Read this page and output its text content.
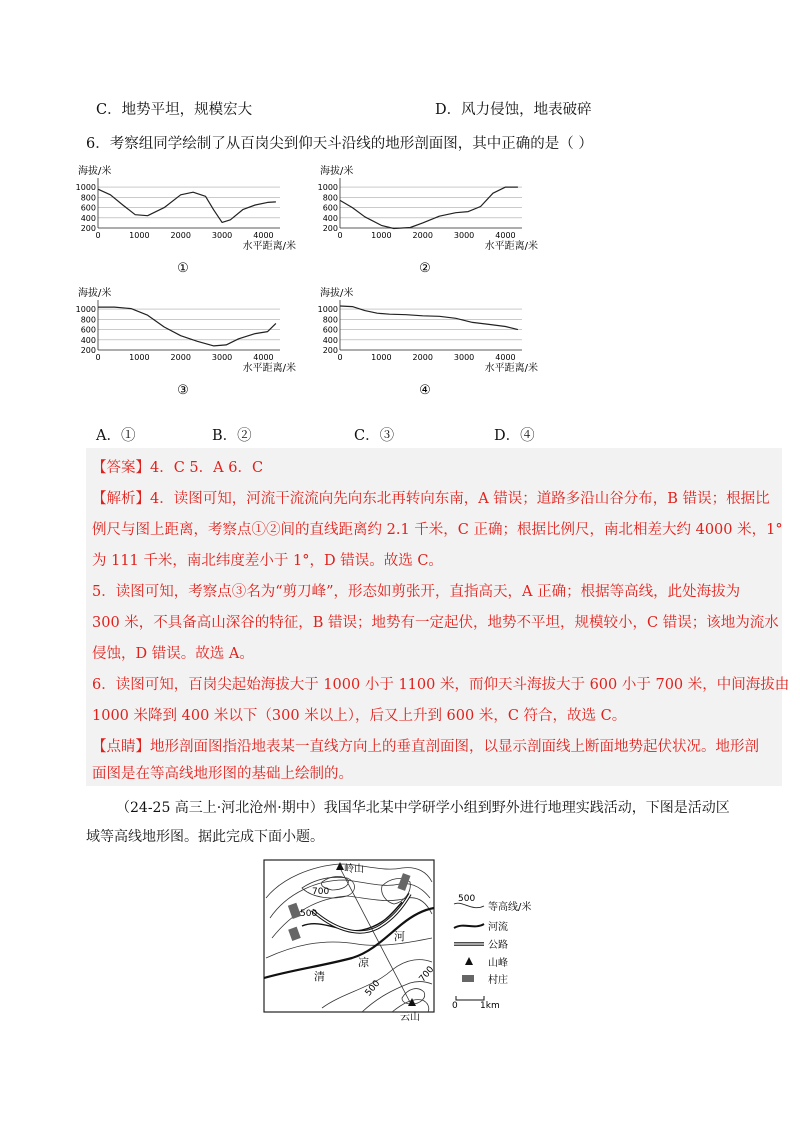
C．地势平坦，规模宏大	D．风力侵蚀，地表破碎
6．考察组同学绘制了从百岗尖到仰天斗沿线的地形剖面图，其中正确的是（ ）
海拔/米
200
400
600
800
1000
0	1000	2000	3000	4000
水平距离/米
①
海拔/米
200
400
600
800
1000
0	1000	2000	3000	4000
水平距离/米
②
海拔/米
200
400
600
800
1000
0	1000	2000	3000	4000
水平距离/米
③
海拔/米
200
400
600
800
1000
0	1000	2000	3000	4000
水平距离/米
④
A．①	B．②	C．③	D．④
【答案】4．C 5．A 6．C
【解析】4．读图可知，河流干流流向先向东北再转向东南，A 错误；道路多沿山谷分布，B 错误；根据比
例尺与图上距离，考察点①②间的直线距离约 2.1 千米，C 正确；根据比例尺，南北相差大约 4000 米，1°
为 111 千米，南北纬度差小于 1°，D 错误。故选 C。
5．读图可知，考察点③名为“剪刀峰”，形态如剪张开，直指高天，A 正确；根据等高线，此处海拔为
300 米，不具备高山深谷的特征，B 错误；地势有一定起伏，地势不平坦，规模较小，C 错误；该地为流水
侵蚀，D 错误。故选 A。
6．读图可知，百岗尖起始海拔大于 1000 小于 1100 米，而仰天斗海拔大于 600 小于 700 米，中间海拔由
1000 米降到 400 米以下（300 米以上），后又上升到 600 米，C 符合，故选 C。
【点睛】地形剖面图指沿地表某一直线方向上的垂直剖面图，以显示剖面线上断面地势起伏状况。地形剖
面图是在等高线地形图的基础上绘制的。
（24-25 高三上·河北沧州·期中）我国华北某中学研学小组到野外进行地理实践活动，下图是活动区
域等高线地形图。据此完成下面小题。
岭山
云山
700
500
500
700
河
清
凉
500
等高线/米
河流
公路
山峰
村庄
0 1km
